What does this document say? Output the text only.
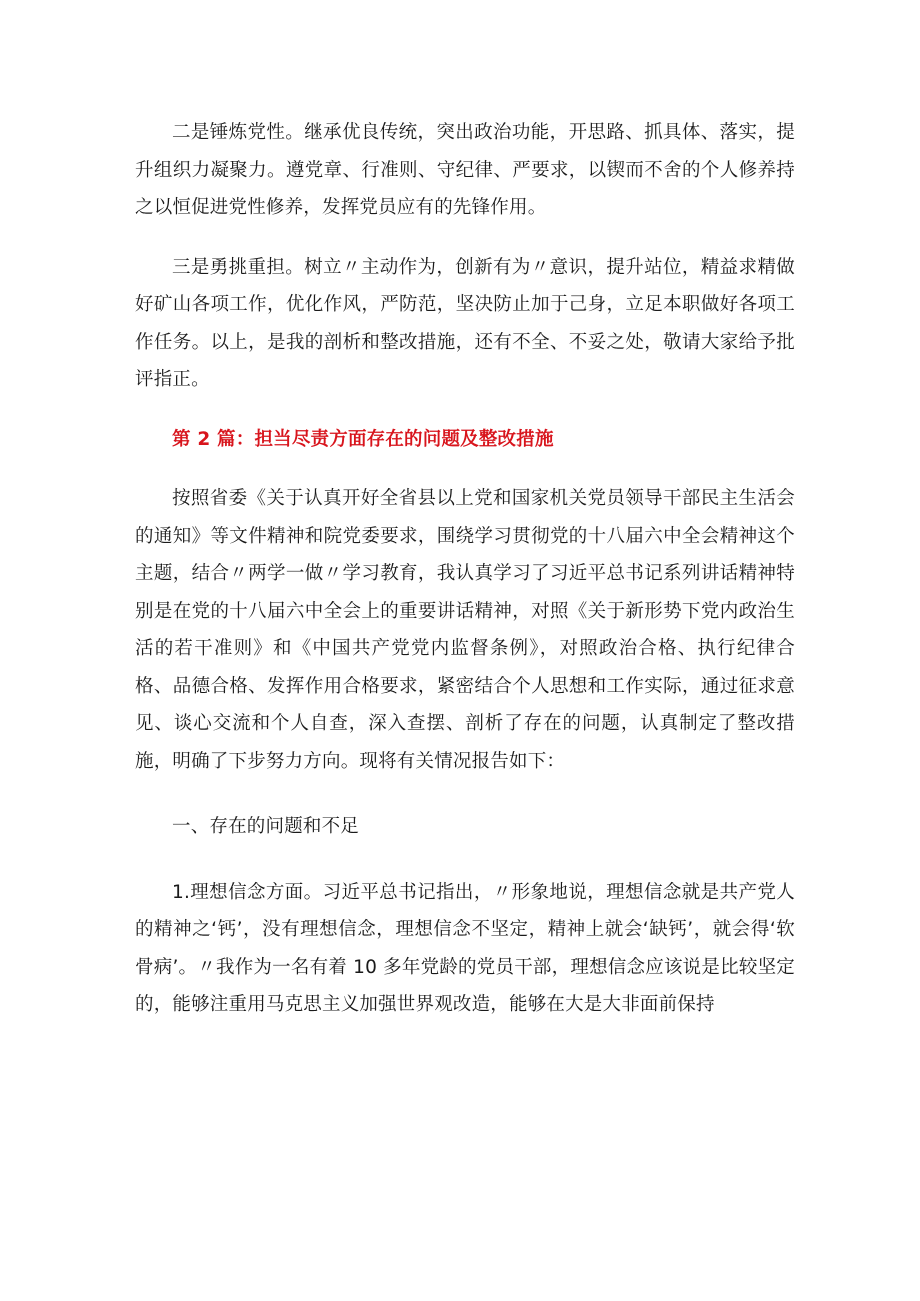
二是锤炼党性。继承优良传统，突出政治功能，开思路、抓具体、落实，提升组织力凝聚力。遵党章、行准则、守纪律、严要求，以锲而不舍的个人修养持之以恒促进党性修养，发挥党员应有的先锋作用。

三是勇挑重担。树立〃主动作为，创新有为〃意识，提升站位，精益求精做好矿山各项工作，优化作风，严防范，坚决防止加于己身，立足本职做好各项工作任务。以上，是我的剖析和整改措施，还有不全、不妥之处，敬请大家给予批评指正。

第 2 篇：担当尽责方面存在的问题及整改措施

按照省委《关于认真开好全省县以上党和国家机关党员领导干部民主生活会的通知》等文件精神和院党委要求，围绕学习贯彻党的十八届六中全会精神这个主题，结合〃两学一做〃学习教育，我认真学习了习近平总书记系列讲话精神特别是在党的十八届六中全会上的重要讲话精神，对照《关于新形势下党内政治生活的若干准则》和《中国共产党党内监督条例》，对照政治合格、执行纪律合格、品德合格、发挥作用合格要求，紧密结合个人思想和工作实际，通过征求意见、谈心交流和个人自查，深入查摆、剖析了存在的问题，认真制定了整改措施，明确了下步努力方向。现将有关情况报告如下：

一、存在的问题和不足

1.理想信念方面。习近平总书记指出，〃形象地说，理想信念就是共产党人的精神之‘钙’，没有理想信念，理想信念不坚定，精神上就会‘缺钙’，就会得‘软骨病’。〃我作为一名有着 10 多年党龄的党员干部，理想信念应该说是比较坚定的，能够注重用马克思主义加强世界观改造，能够在大是大非面前保持
